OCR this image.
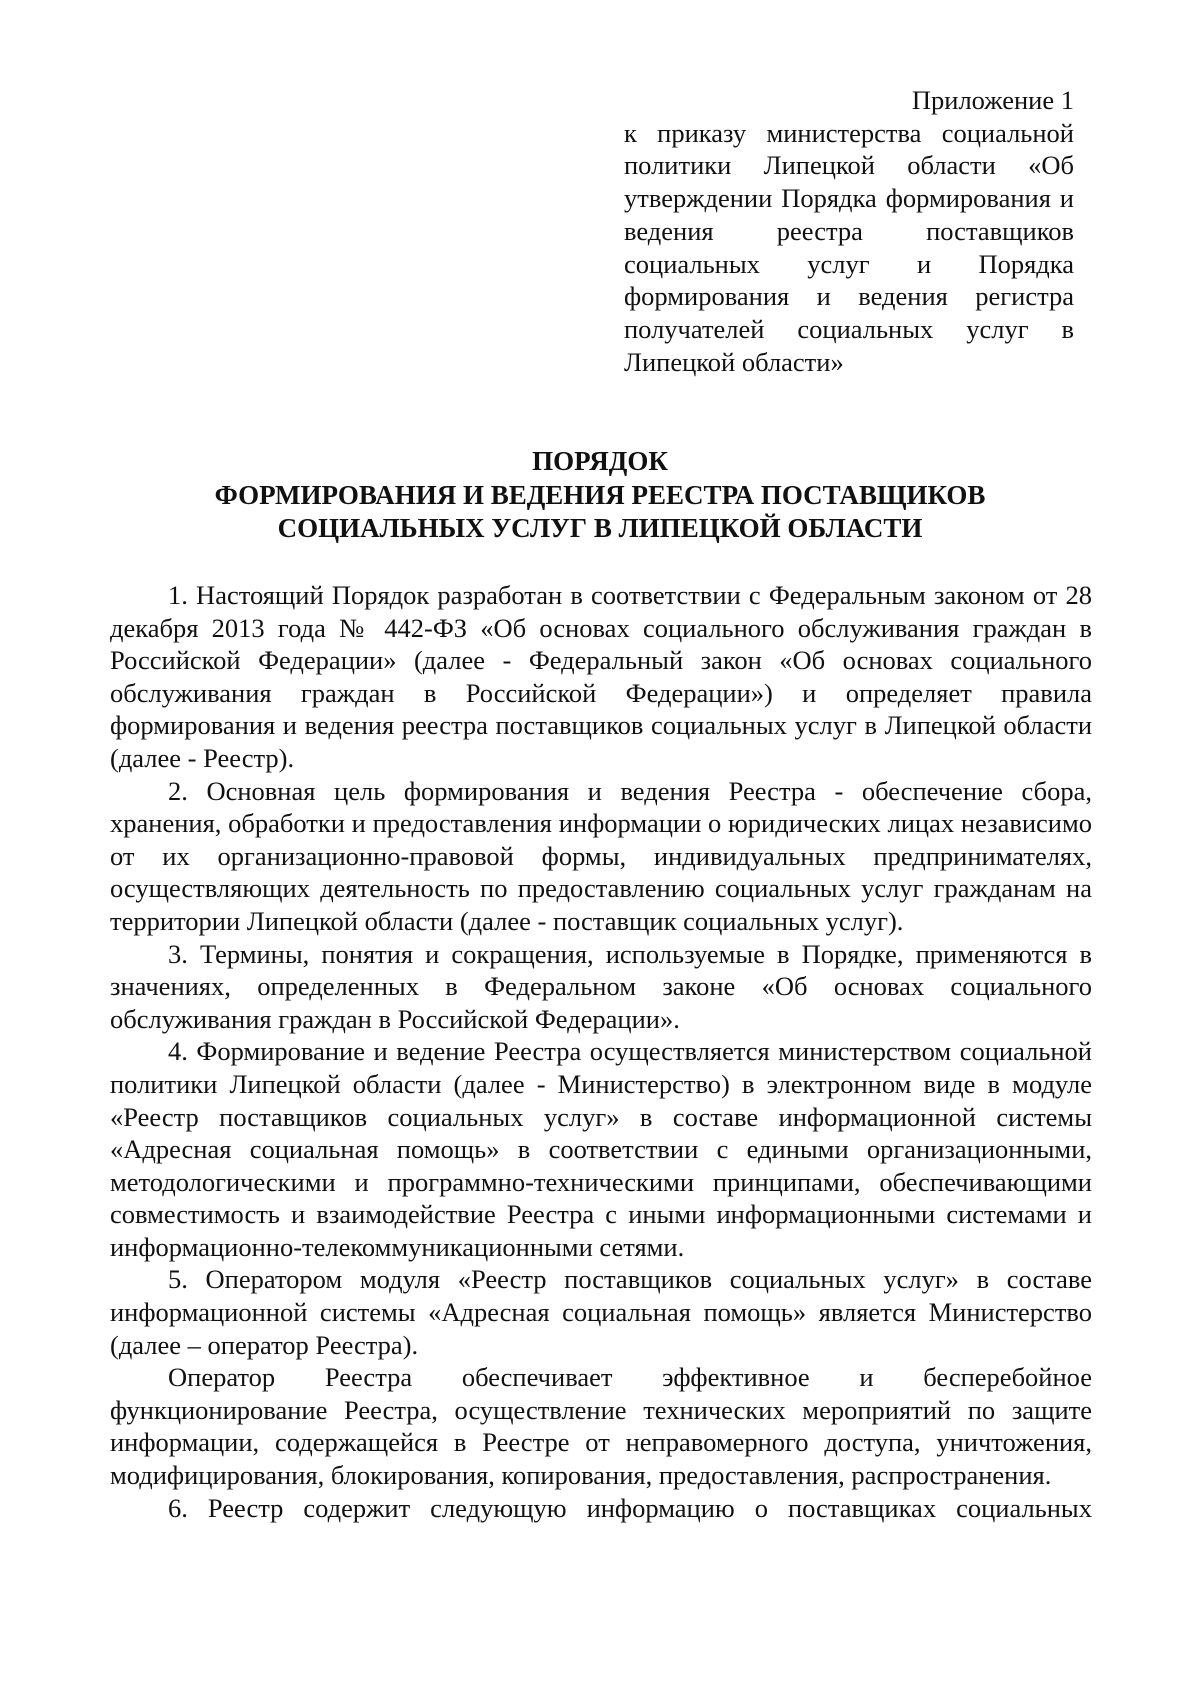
Приложение 1
к приказу министерства социальной политики Липецкой области «Об утверждении Порядка формирования и ведения реестра поставщиков социальных услуг и Порядка формирования и ведения регистра получателей социальных услуг в Липецкой области»
ПОРЯДОК
ФОРМИРОВАНИЯ И ВЕДЕНИЯ РЕЕСТРА ПОСТАВЩИКОВ
СОЦИАЛЬНЫХ УСЛУГ В ЛИПЕЦКОЙ ОБЛАСТИ

1. Настоящий Порядок разработан в соответствии с Федеральным законом от 28 декабря 2013 года № 442-ФЗ «Об основах социального обслуживания граждан в Российской Федерации» (далее - Федеральный закон «Об основах социального обслуживания граждан в Российской Федерации») и определяет правила формирования и ведения реестра поставщиков социальных услуг в Липецкой области (далее - Реестр).

2. Основная цель формирования и ведения Реестра - обеспечение сбора, хранения, обработки и предоставления информации о юридических лицах независимо от их организационно-правовой формы, индивидуальных предпринимателях, осуществляющих деятельность по предоставлению социальных услуг гражданам на территории Липецкой области (далее - поставщик социальных услуг).

3. Термины, понятия и сокращения, используемые в Порядке, применяются в значениях, определенных в Федеральном законе «Об основах социального обслуживания граждан в Российской Федерации».

4. Формирование и ведение Реестра осуществляется министерством социальной политики Липецкой области (далее - Министерство) в электронном виде в модуле «Реестр поставщиков социальных услуг» в составе информационной системы «Адресная социальная помощь» в соответствии с едиными организационными, методологическими и программно-техническими принципами, обеспечивающими совместимость и взаимодействие Реестра с иными информационными системами и информационно-телекоммуникационными сетями.

5. Оператором модуля «Реестр поставщиков социальных услуг» в составе информационной системы «Адресная социальная помощь» является Министерство (далее – оператор Реестра).

Оператор Реестра обеспечивает эффективное и бесперебойное функционирование Реестра, осуществление технических мероприятий по защите информации, содержащейся в Реестре от неправомерного доступа, уничтожения, модифицирования, блокирования, копирования, предоставления, распространения.

6. Реестр содержит следующую информацию о поставщиках социальных
